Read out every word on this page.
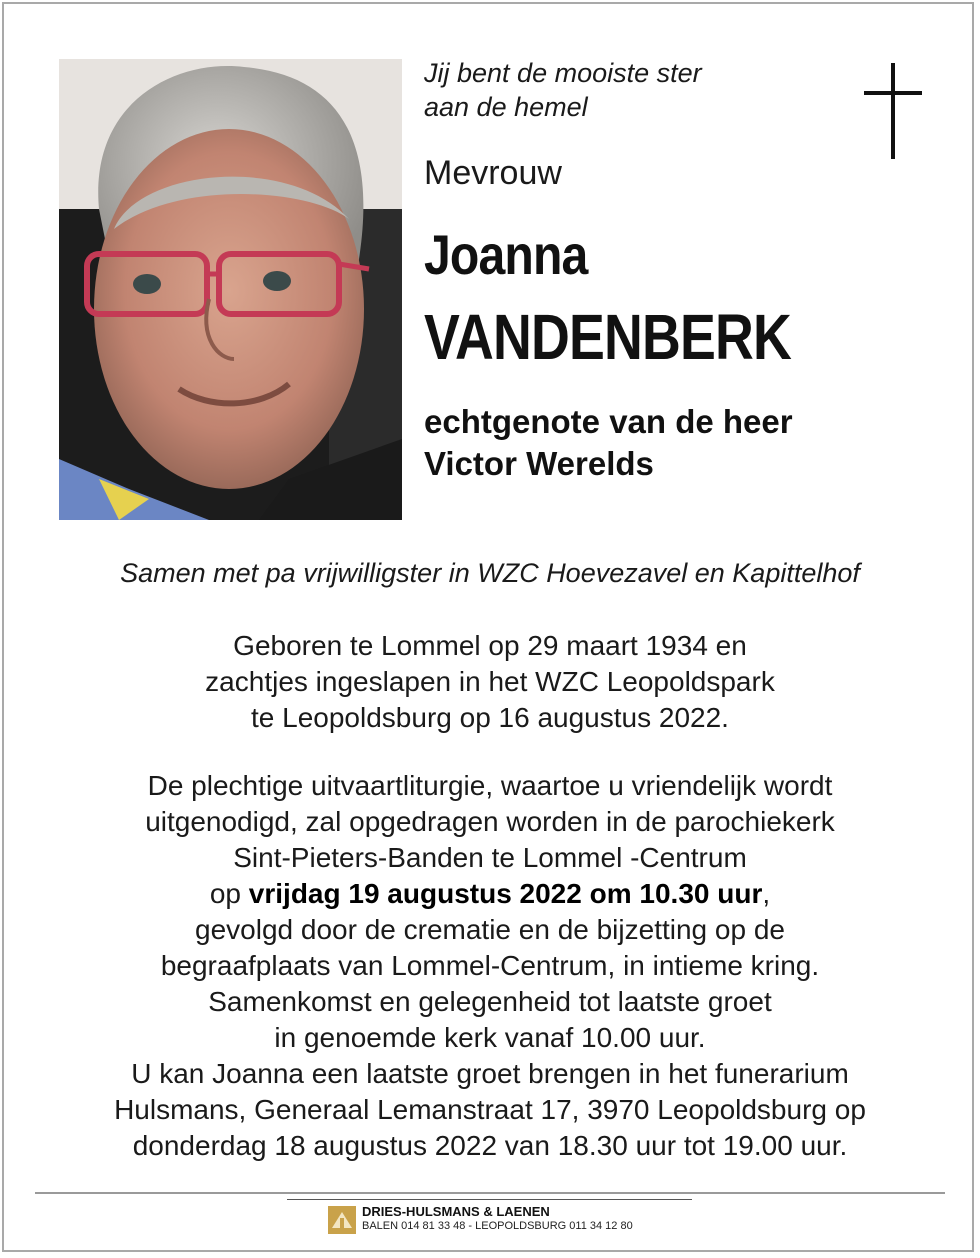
Jij bent de mooiste ster
aan de hemel
Mevrouw
Joanna
VANDENBERK
echtgenote van de heer
Victor Werelds
Samen met pa vrijwilligster in WZC Hoevezavel en Kapittelhof
Geboren te Lommel op 29 maart 1934 en
zachtjes ingeslapen in het WZC Leopoldspark
te Leopoldsburg op 16 augustus 2022.
De plechtige uitvaartliturgie, waartoe u vriendelijk wordt
uitgenodigd, zal opgedragen worden in de parochiekerk
Sint-Pieters-Banden te Lommel -Centrum
op vrijdag 19 augustus 2022 om 10.30 uur,
gevolgd door de crematie en de bijzetting op de
begraafplaats van Lommel-Centrum, in intieme kring.
Samenkomst en gelegenheid tot laatste groet
in genoemde kerk vanaf 10.00 uur.
U kan Joanna een laatste groet brengen in het funerarium
Hulsmans, Generaal Lemanstraat 17, 3970 Leopoldsburg op
donderdag 18 augustus 2022 van 18.30 uur tot 19.00 uur.
DRIES-HULSMANS & LAENEN
BALEN 014 81 33 48 - LEOPOLDSBURG 011 34 12 80
